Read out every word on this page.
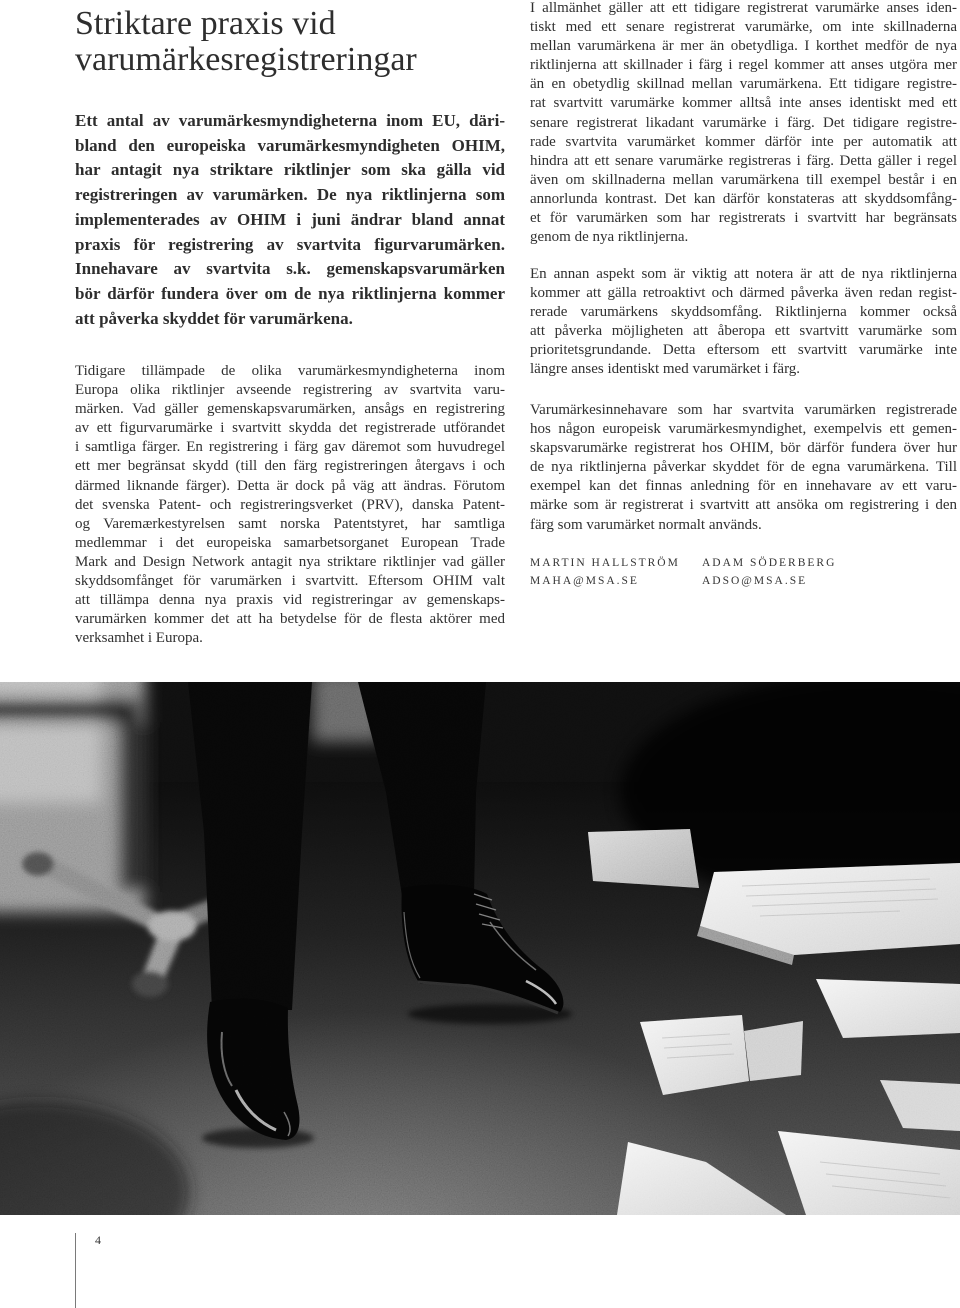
Striktare praxis vid
varumärkesregistreringar
Ett antal av varumärkesmyndigheterna inom EU, däri-
bland den europeiska varumärkesmyndigheten OHIM,
har antagit nya striktare riktlinjer som ska gälla vid
registreringen av varumärken. De nya riktlinjerna som
implementerades av OHIM i juni ändrar bland annat
praxis för registrering av svartvita figurvarumärken.
Innehavare av svartvita s.k. gemenskapsvarumärken
bör därför fundera över om de nya riktlinjerna kommer
att påverka skyddet för varumärkena.
Tidigare tillämpade de olika varumärkesmyndigheterna inom
Europa olika riktlinjer avseende registrering av svartvita varu-
märken. Vad gäller gemenskapsvarumärken, ansågs en registrering
av ett figurvarumärke i svartvitt skydda det registrerade utförandet
i samtliga färger. En registrering i färg gav däremot som huvudregel
ett mer begränsat skydd (till den färg registreringen återgavs i och
därmed liknande färger). Detta är dock på väg att ändras. Förutom
det svenska Patent- och registreringsverket (PRV), danska Patent-
og Varemærkestyrelsen samt norska Patentstyret, har samtliga
medlemmar i det europeiska samarbetsorganet European Trade
Mark and Design Network antagit nya striktare riktlinjer vad gäller
skyddsomfånget för varumärken i svartvitt. Eftersom OHIM valt
att tillämpa denna nya praxis vid registreringar av gemenskaps-
varumärken kommer det att ha betydelse för de flesta aktörer med
verksamhet i Europa.
I allmänhet gäller att ett tidigare registrerat varumärke anses iden-
tiskt med ett senare registrerat varumärke, om inte skillnaderna
mellan varumärkena är mer än obetydliga. I korthet medför de nya
riktlinjerna att skillnader i färg i regel kommer att anses utgöra mer
än en obetydlig skillnad mellan varumärkena. Ett tidigare registre-
rat svartvitt varumärke kommer alltså inte anses identiskt med ett
senare registrerat likadant varumärke i färg. Det tidigare registre-
rade svartvita varumärket kommer därför inte per automatik att
hindra att ett senare varumärke registreras i färg. Detta gäller i regel
även om skillnaderna mellan varumärkena till exempel består i en
annorlunda kontrast. Det kan därför konstateras att skyddsomfång-
et för varumärken som har registrerats i svartvitt har begränsats
genom de nya riktlinjerna.
En annan aspekt som är viktig att notera är att de nya riktlinjerna
kommer att gälla retroaktivt och därmed påverka även redan regist-
rerade varumärkens skyddsomfång. Riktlinjerna kommer också
att påverka möjligheten att åberopa ett svartvitt varumärke som
prioritetsgrundande. Detta eftersom ett svartvitt varumärke inte
längre anses identiskt med varumärket i färg.
Varumärkesinnehavare som har svartvita varumärken registrerade
hos någon europeisk varumärkesmyndighet, exempelvis ett gemen-
skapsvarumärke registrerat hos OHIM, bör därför fundera över hur
de nya riktlinjerna påverkar skyddet för de egna varumärkena. Till
exempel kan det finnas anledning för en innehavare av ett varu-
märke som är registrerat i svartvitt att ansöka om registrering i den
färg som varumärket normalt används.
MARTIN HALLSTRÖM
MAHA@MSA.SE
ADAM SÖDERBERG
ADSO@MSA.SE
4
